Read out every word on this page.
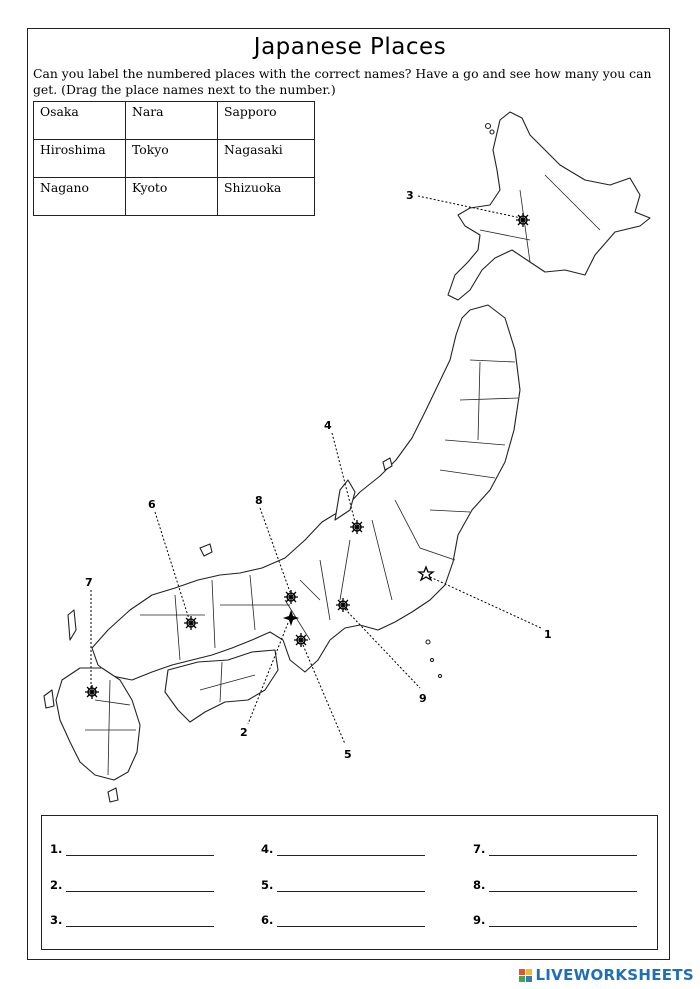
Japanese Places
Can you label the numbered places with the correct names? Have a go and see how many you can get. (Drag the place names next to the number.)
Osaka	Nara	Sapporo
Hiroshima	Tokyo	Nagasaki
Nagano	Kyoto	Shizuoka
3
4
8
6
7
1
9
2
5
1.	4.	7.
2.	5.	8.
3.	6.	9.
LIVEWORKSHEETS
